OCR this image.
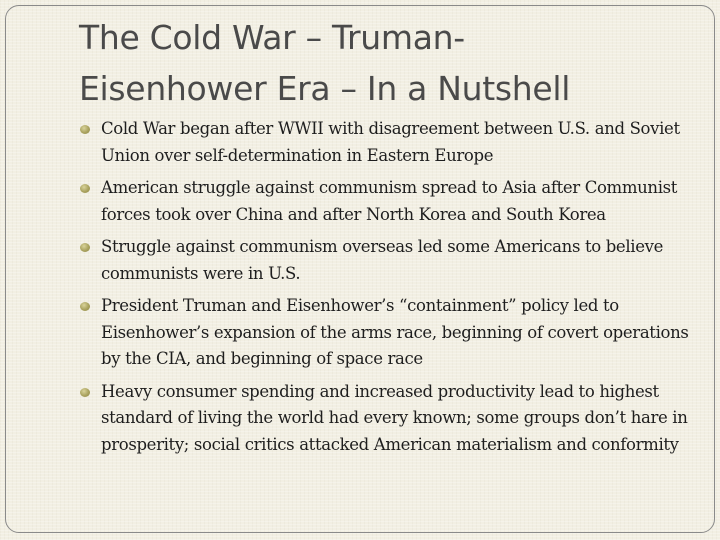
The Cold War – Truman-
Eisenhower Era – In a Nutshell
Cold War began after WWII with disagreement between U.S. and Soviet Union over self-determination in Eastern Europe
American struggle against communism spread to Asia after Communist forces took over China and after North Korea and South Korea
Struggle against communism overseas led some Americans to believe communists were in U.S.
President Truman and Eisenhower’s “containment” policy led to Eisenhower’s expansion of the arms race, beginning of covert operations by the CIA, and beginning of space race
Heavy consumer spending and increased productivity lead to highest standard of living the world had every known; some groups don’t hare in prosperity; social critics attacked American materialism and conformity
